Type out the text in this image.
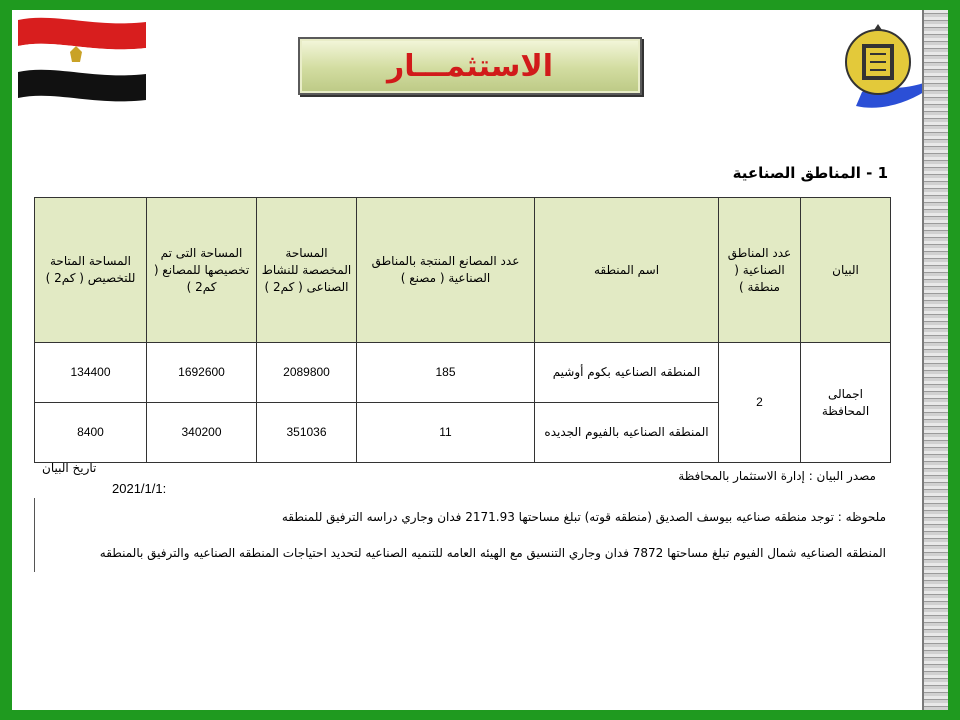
الاستثمـــار
1 - المناطق الصناعية
البيان	عدد المناطق الصناعية ( منطقة )	اسم المنطقه	عدد المصانع المنتجة بالمناطق الصناعية ( مصنع )	المساحة المخصصة للنشاط الصناعى ( كم2 )	المساحة التى تم تخصيصها للمصانع ( كم2 )	المساحة المتاحة للتخصيص ( كم2 )
اجمالى المحافظة	2	المنطقه الصناعيه بكوم أوشيم	185	2089800	1692600	134400
		المنطقه الصناعيه بالفيوم الجديده	11	351036	340200	8400
مصدر البيان : إدارة الاستثمار بالمحافظة
تاريخ البيان
2021/1/1:
ملحوظه : توجد منطقه صناعيه بيوسف الصديق (منطقه قوته) تبلغ مساحتها 2171.93 فدان وجاري دراسه الترفيق للمنطقه
المنطقه الصناعيه شمال الفيوم تبلغ مساحتها 7872 فدان وجاري التنسيق مع الهيئه العامه للتنميه الصناعيه لتحديد احتياجات المنطقه الصناعيه والترفيق بالمنطقه
